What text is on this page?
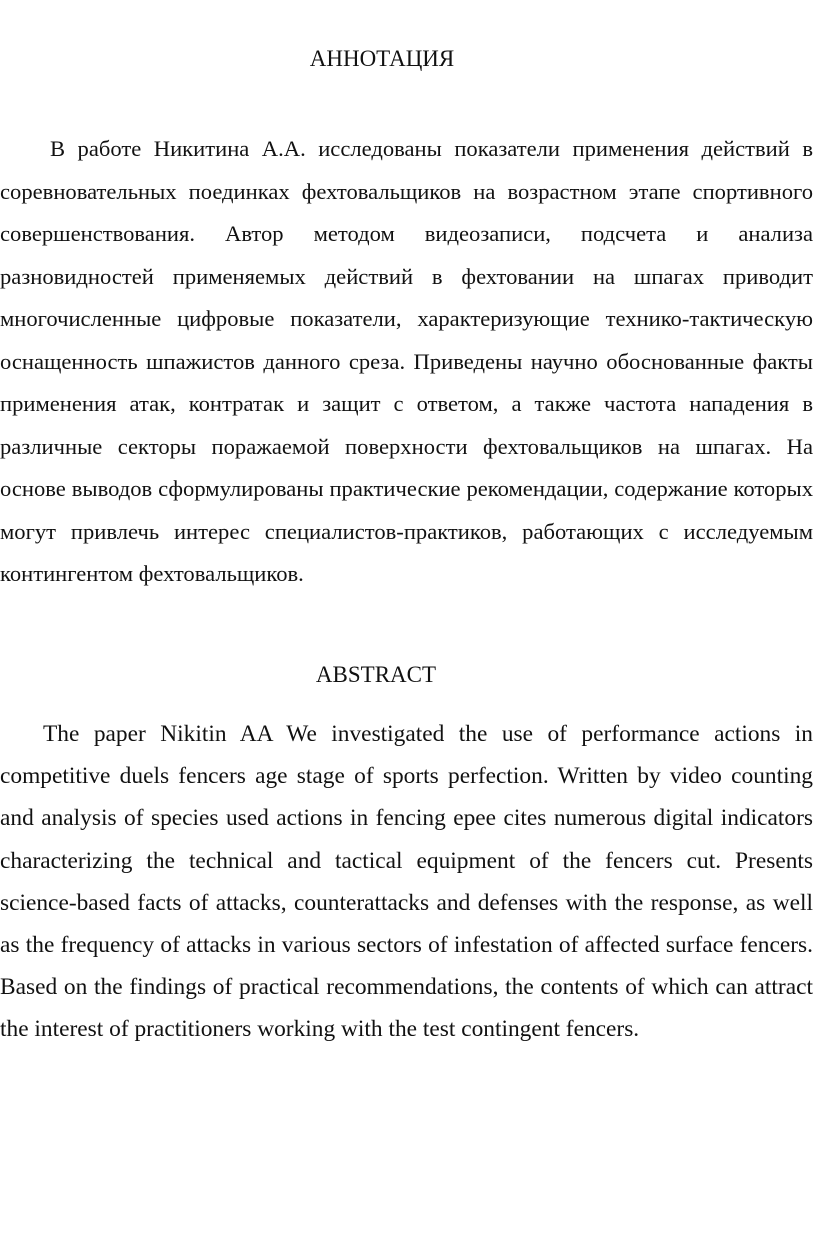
АННОТАЦИЯ

В работе Никитина А.А. исследованы показатели применения действий в соревновательных поединках фехтовальщиков на возрастном этапе спортивного совершенствования. Автор методом видеозаписи, подсчета и анализа разновидностей применяемых действий в фехтовании на шпагах приводит многочисленные цифровые показатели, характеризующие технико-тактическую оснащенность шпажистов данного среза. Приведены научно обоснованные факты применения атак, контратак и защит с ответом, а также частота нападения в различные секторы поражаемой поверхности фехтовальщиков на шпагах. На основе выводов сформулированы практические рекомендации, содержание которых могут привлечь интерес специалистов-практиков, работающих с исследуемым контингентом фехтовальщиков.

ABSTRACT

The paper Nikitin AA We investigated the use of performance actions in competitive duels fencers age stage of sports perfection. Written by video counting and analysis of species used actions in fencing epee cites numerous digital indicators characterizing the technical and tactical equipment of the fencers cut. Presents science-based facts of attacks, counterattacks and defenses with the response, as well as the frequency of attacks in various sectors of infestation of affected surface fencers. Based on the findings of practical recommendations, the contents of which can attract the interest of practitioners working with the test contingent fencers.
